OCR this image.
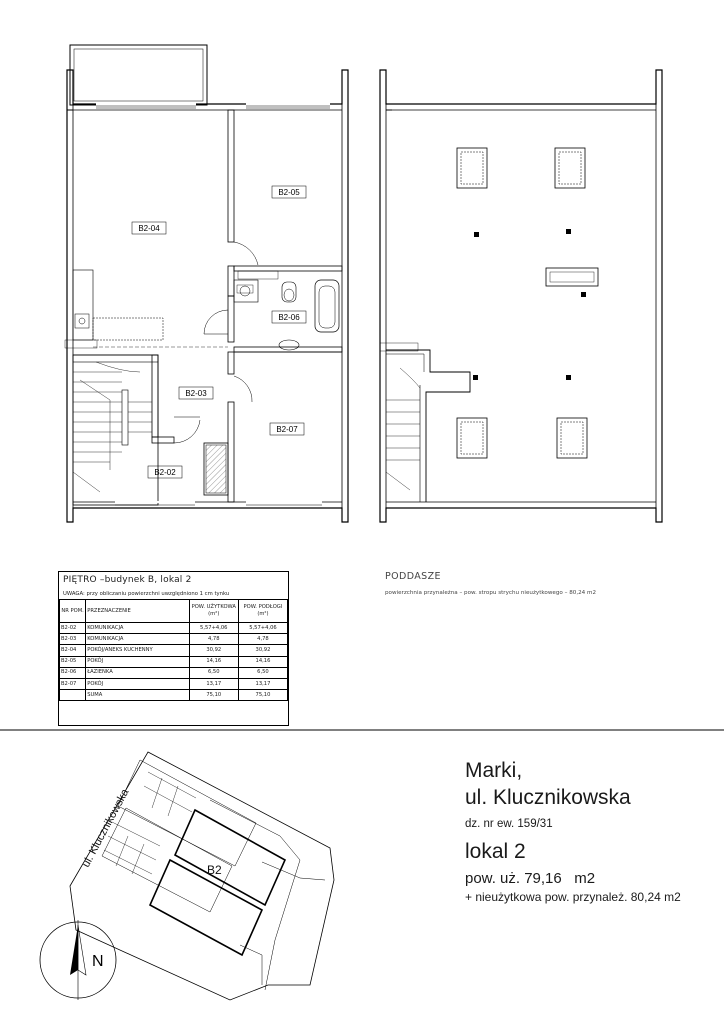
B2-04
B2-05
B2-06
B2-03
B2-07
B2-02
ul. Klucznikowska
B2
N
PIĘTRO –budynek B, lokal 2
UWAGA: przy obliczaniu powierzchni uwzględniono 1 cm tynku
NR POM.	PRZEZNACZENIE	POW. UŻYTKOWA (m²)	POW. PODŁOGI (m²)
B2-02	KOMUNIKACJA	5,57+4,06	5,57+4,06
B2-03	KOMUNIKACJA	4,78	4,78
B2-04	POKÓJ/ANEKS KUCHENNY	30,92	30,92
B2-05	POKÓJ	14,16	14,16
B2-06	ŁAZIENKA	6,50	6,50
B2-07	POKÓJ	13,17	13,17
	SUMA	75,10	75,10
PODDASZE
powierzchnia przynależna – pow. stropu strychu nieużytkowego – 80,24 m2
Marki,
ul. Klucznikowska
dz. nr ew. 159/31
lokal 2
pow. uż. 79,16   m2
+ nieużytkowa pow. przynależ. 80,24 m2
